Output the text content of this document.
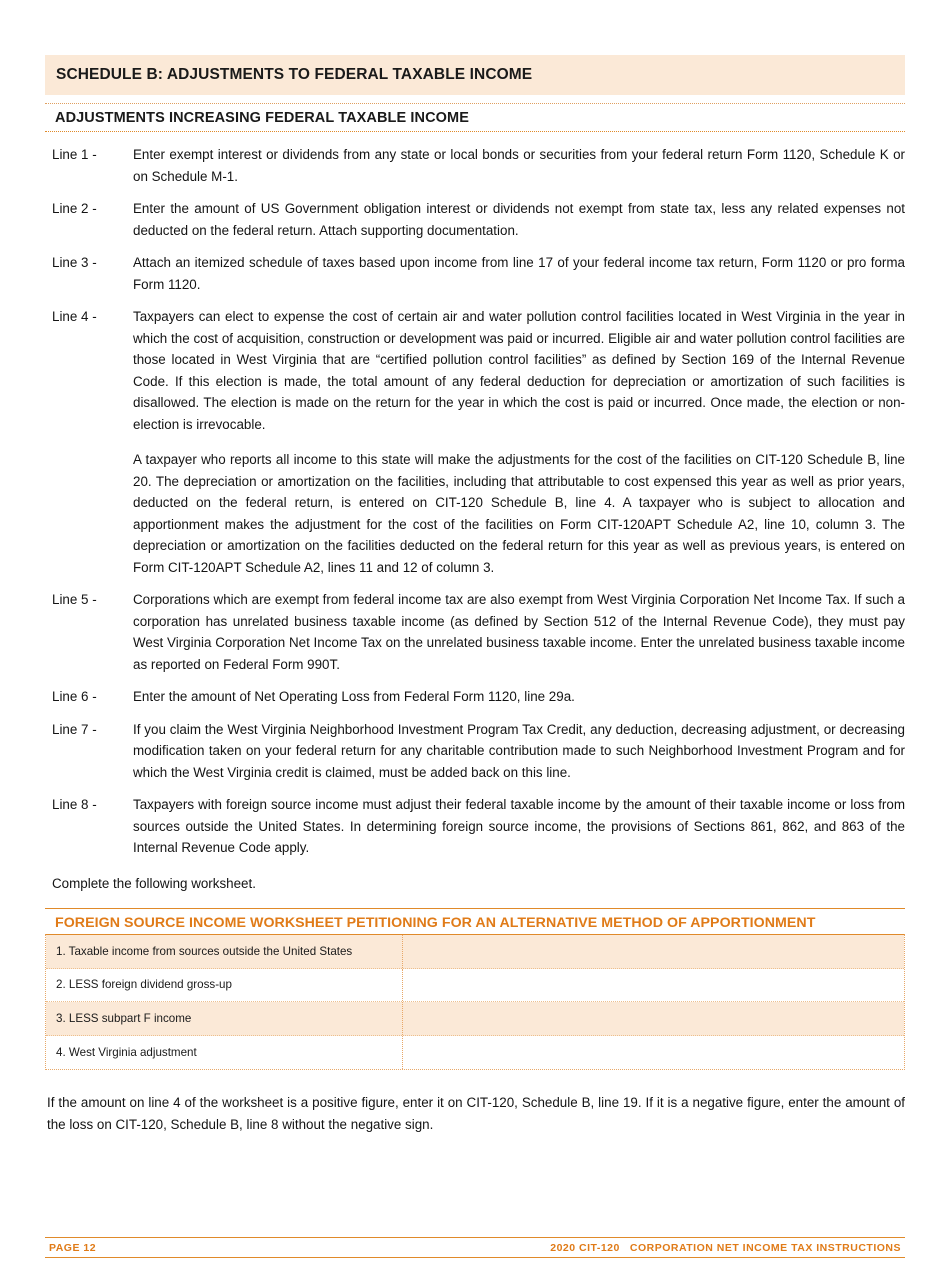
SCHEDULE B: ADJUSTMENTS TO FEDERAL TAXABLE INCOME
ADJUSTMENTS INCREASING FEDERAL TAXABLE INCOME
Line 1 -	Enter exempt interest or dividends from any state or local bonds or securities from your federal return Form 1120, Schedule K or on Schedule M-1.

Line 2 -	Enter the amount of US Government obligation interest or dividends not exempt from state tax, less any related expenses not deducted on the federal return. Attach supporting documentation.

Line 3 -	Attach an itemized schedule of taxes based upon income from line 17 of your federal income tax return, Form 1120 or pro forma Form 1120.

Line 4 -	Taxpayers can elect to expense the cost of certain air and water pollution control facilities located in West Virginia in the year in which the cost of acquisition, construction or development was paid or incurred. Eligible air and water pollution control facilities are those located in West Virginia that are “certified pollution control facilities” as defined by Section 169 of the Internal Revenue Code. If this election is made, the total amount of any federal deduction for depreciation or amortization of such facilities is disallowed. The election is made on the return for the year in which the cost is paid or incurred. Once made, the election or non-election is irrevocable.

A taxpayer who reports all income to this state will make the adjustments for the cost of the facilities on CIT-120 Schedule B, line 20. The depreciation or amortization on the facilities, including that attributable to cost expensed this year as well as prior years, deducted on the federal return, is entered on CIT-120 Schedule B, line 4. A taxpayer who is subject to allocation and apportionment makes the adjustment for the cost of the facilities on Form CIT-120APT Schedule A2, line 10, column 3. The depreciation or amortization on the facilities deducted on the federal return for this year as well as previous years, is entered on Form CIT-120APT Schedule A2, lines 11 and 12 of column 3.

Line 5 -	Corporations which are exempt from federal income tax are also exempt from West Virginia Corporation Net Income Tax. If such a corporation has unrelated business taxable income (as defined by Section 512 of the Internal Revenue Code), they must pay West Virginia Corporation Net Income Tax on the unrelated business taxable income. Enter the unrelated business taxable income as reported on Federal Form 990T.

Line 6 -	Enter the amount of Net Operating Loss from Federal Form 1120, line 29a.

Line 7 -	If you claim the West Virginia Neighborhood Investment Program Tax Credit, any deduction, decreasing adjustment, or decreasing modification taken on your federal return for any charitable contribution made to such Neighborhood Investment Program and for which the West Virginia credit is claimed, must be added back on this line.

Line 8 -	Taxpayers with foreign source income must adjust their federal taxable income by the amount of their taxable income or loss from sources outside the United States. In determining foreign source income, the provisions of Sections 861, 862, and 863 of the Internal Revenue Code apply.

Complete the following worksheet.
FOREIGN SOURCE INCOME WORKSHEET PETITIONING FOR AN ALTERNATIVE METHOD OF APPORTIONMENT
1. Taxable income from sources outside the United States
2. LESS foreign dividend gross-up
3. LESS subpart F income
4. West Virginia adjustment
If the amount on line 4 of the worksheet is a positive figure, enter it on CIT-120, Schedule B, line 19. If it is a negative figure, enter the amount of the loss on CIT-120, Schedule B, line 8 without the negative sign.
PAGE 12	2020 CIT-120 CORPORATION NET INCOME TAX INSTRUCTIONS
